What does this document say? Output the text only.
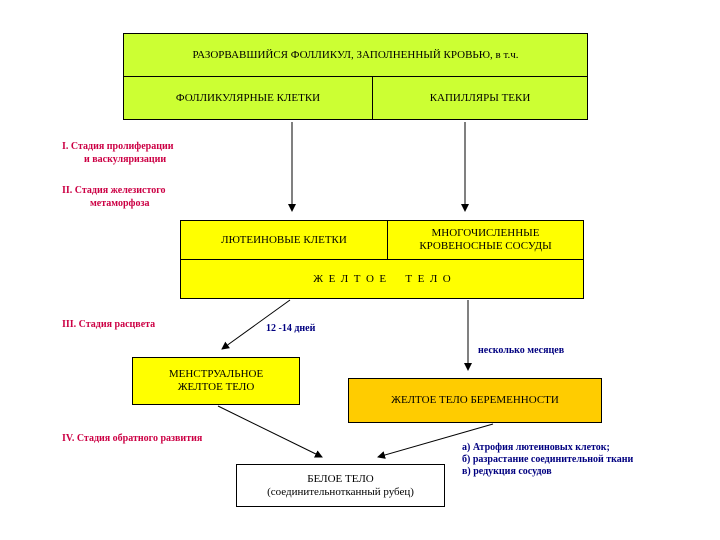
РАЗОРВАВШИЙСЯ ФОЛЛИКУЛ, ЗАПОЛНЕННЫЙ КРОВЬЮ, в т.ч.
ФОЛЛИКУЛЯРНЫЕ КЛЕТКИ	КАПИЛЛЯРЫ ТЕКИ
I. Стадия пролиферации
и васкуляризации
II. Стадия железистого
метаморфоза
ЛЮТЕИНОВЫЕ КЛЕТКИ
МНОГОЧИСЛЕННЫЕ
КРОВЕНОСНЫЕ СОСУДЫ
Ж  Е  Л  Т  О  Е       Т  Е  Л  О
III. Стадия расцвета	12 -14 дней
несколько месяцев
МЕНСТРУАЛЬНОЕ
ЖЕЛТОЕ ТЕЛО
ЖЕЛТОЕ ТЕЛО БЕРЕМЕННОСТИ
IV. Стадия обратного развития
а) Атрофия лютеиновых клеток;
б) разрастание соединительной ткани
в) редукция сосудов
БЕЛОЕ ТЕЛО
(соединительнотканный рубец)
